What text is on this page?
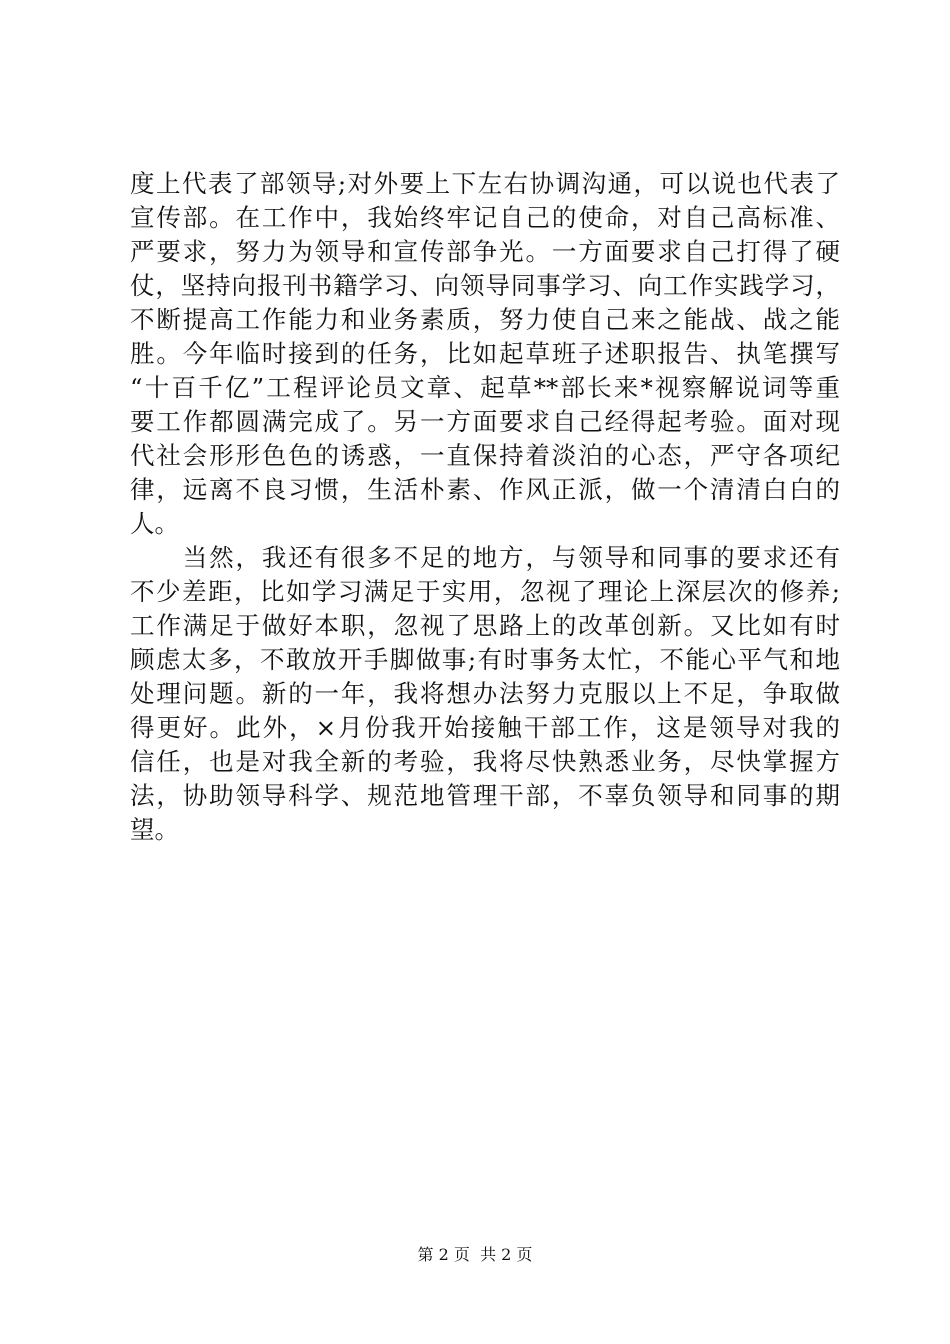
度上代表了部领导;对外要上下左右协调沟通，可以说也代表了
宣传部。在工作中，我始终牢记自己的使命，对自己高标准、
严要求，努力为领导和宣传部争光。一方面要求自己打得了硬
仗，坚持向报刊书籍学习、向领导同事学习、向工作实践学习，
不断提高工作能力和业务素质，努力使自己来之能战、战之能
胜。今年临时接到的任务，比如起草班子述职报告、执笔撰写
“十百千亿”工程评论员文章、起草**部长来*视察解说词等重
要工作都圆满完成了。另一方面要求自己经得起考验。面对现
代社会形形色色的诱惑，一直保持着淡泊的心态，严守各项纪
律，远离不良习惯，生活朴素、作风正派，做一个清清白白的
人。
　　当然，我还有很多不足的地方，与领导和同事的要求还有
不少差距，比如学习满足于实用，忽视了理论上深层次的修养;
工作满足于做好本职，忽视了思路上的改革创新。又比如有时
顾虑太多，不敢放开手脚做事;有时事务太忙，不能心平气和地
处理问题。新的一年，我将想办法努力克服以上不足，争取做
得更好。此外，×月份我开始接触干部工作，这是领导对我的
信任，也是对我全新的考验，我将尽快熟悉业务，尽快掌握方
法，协助领导科学、规范地管理干部，不辜负领导和同事的期
望。
第 2 页  共 2 页
